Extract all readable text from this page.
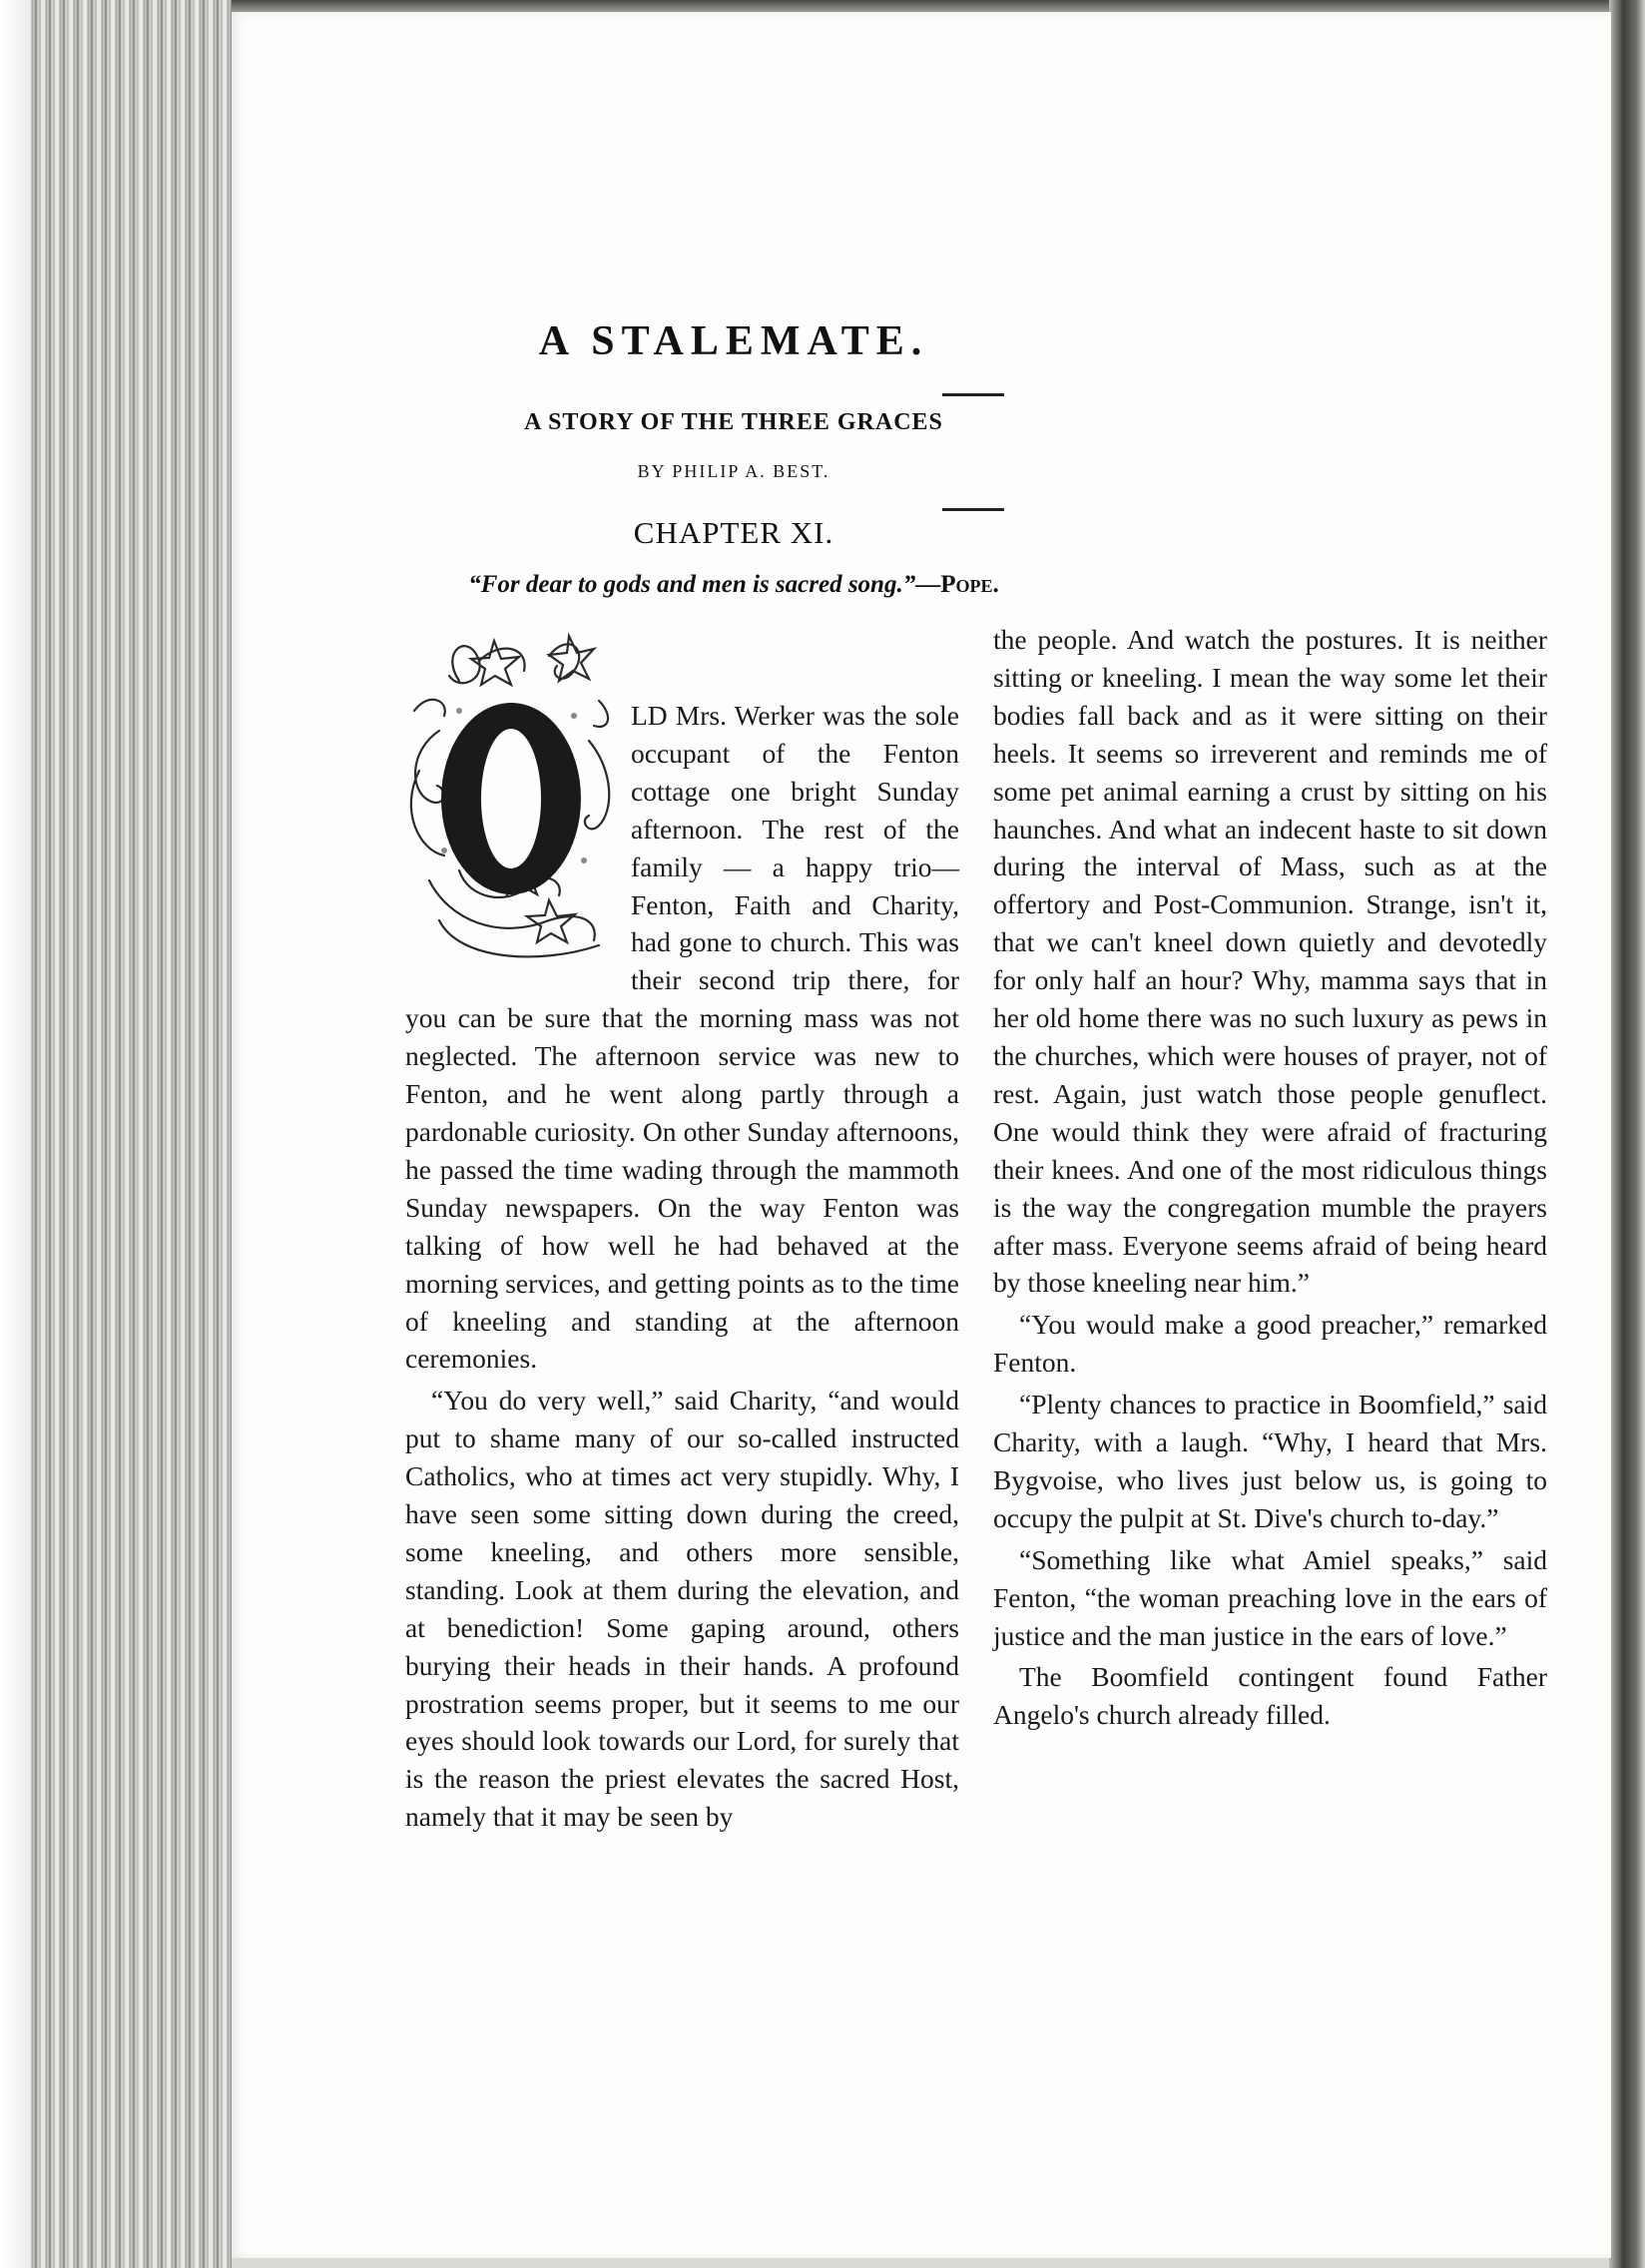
A STALEMATE.
A STORY OF THE THREE GRACES
BY PHILIP A. BEST.
CHAPTER XI.
“For dear to gods and men is sacred song.”—Pope.

LD Mrs. Werker was the sole occupant of the Fenton cottage one bright Sunday afternoon. The rest of the family — a happy trio—Fenton, Faith and Charity, had gone to church. This was their second trip there, for you can be sure that the morning mass was not neglected. The afternoon service was new to Fenton, and he went along partly through a pardonable curiosity. On other Sunday afternoons, he passed the time wading through the mammoth Sunday newspapers. On the way Fenton was talking of how well he had behaved at the morning services, and getting points as to the time of kneeling and standing at the afternoon ceremonies.

“You do very well,” said Charity, “and would put to shame many of our so-called instructed Catholics, who at times act very stupidly. Why, I have seen some sitting down during the creed, some kneeling, and others more sensible, standing. Look at them during the elevation, and at benediction! Some gaping around, others burying their heads in their hands. A profound prostration seems proper, but it seems to me our eyes should look towards our Lord, for surely that is the reason the priest elevates the sacred Host, namely that it may be seen by

the people. And watch the postures. It is neither sitting or kneeling. I mean the way some let their bodies fall back and as it were sitting on their heels. It seems so irreverent and reminds me of some pet animal earning a crust by sitting on his haunches. And what an indecent haste to sit down during the interval of Mass, such as at the offertory and Post-Communion. Strange, isn't it, that we can't kneel down quietly and devotedly for only half an hour? Why, mamma says that in her old home there was no such luxury as pews in the churches, which were houses of prayer, not of rest. Again, just watch those people genuflect. One would think they were afraid of fracturing their knees. And one of the most ridiculous things is the way the congregation mumble the prayers after mass. Everyone seems afraid of being heard by those kneeling near him.”

“You would make a good preacher,” remarked Fenton.

“Plenty chances to practice in Boomfield,” said Charity, with a laugh. “Why, I heard that Mrs. Bygvoise, who lives just below us, is going to occupy the pulpit at St. Dive's church to-day.”

“Something like what Amiel speaks,” said Fenton, “the woman preaching love in the ears of justice and the man justice in the ears of love.”

The Boomfield contingent found Father Angelo's church already filled.
